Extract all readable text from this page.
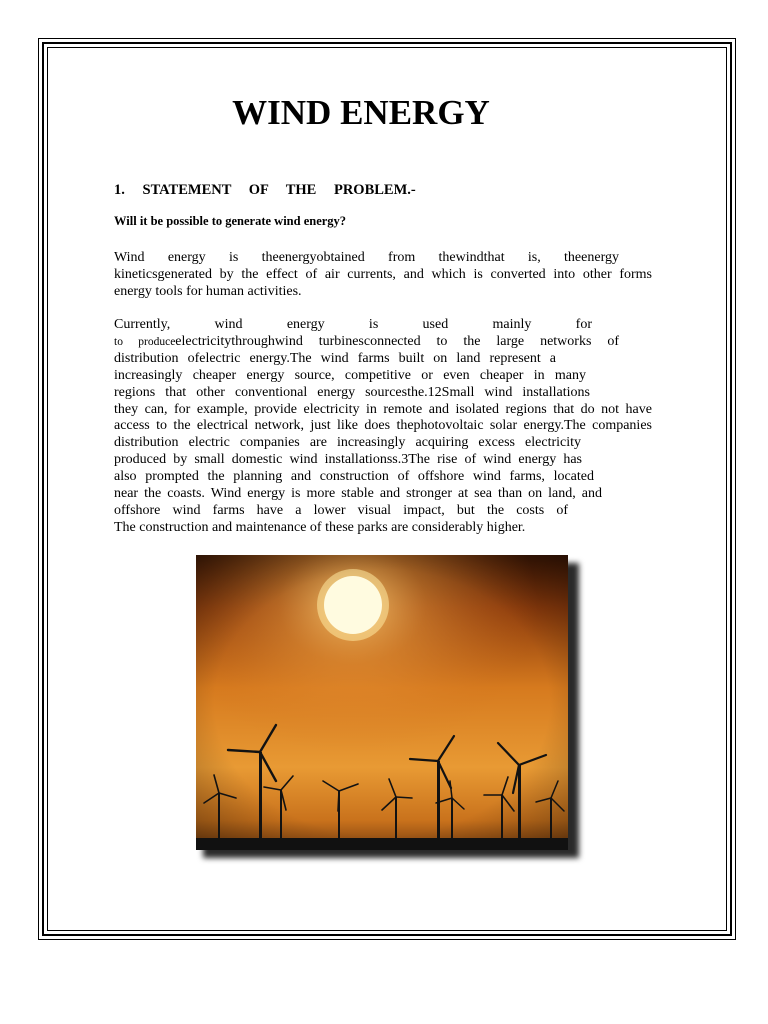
WIND ENERGY
1. STATEMENT OF THE PROBLEM.-
Will it be possible to generate wind energy?
Wind energy is theenergyobtained from thewindthat is, theenergy
kineticsgenerated by the effect of air currents, and which is converted into other forms
energy tools for human activities.
Currently, wind energy is used mainly for
to produceelectricitythroughwind turbinesconnected to the large networks of
distribution ofelectric energy.The wind farms built on land represent a
increasingly cheaper energy source, competitive or even cheaper in many
regions that other conventional energy sourcesthe.12Small wind installations
they can, for example, provide electricity in remote and isolated regions that do not have
access to the electrical network, just like does thephotovoltaic solar energy.The companies
distribution electric companies are increasingly acquiring excess electricity
produced by small domestic wind installationss.3The rise of wind energy has
also prompted the planning and construction of offshore wind farms, located
near the coasts. Wind energy is more stable and stronger at sea than on land, and
offshore wind farms have a lower visual impact, but the costs of
The construction and maintenance of these parks are considerably higher.
